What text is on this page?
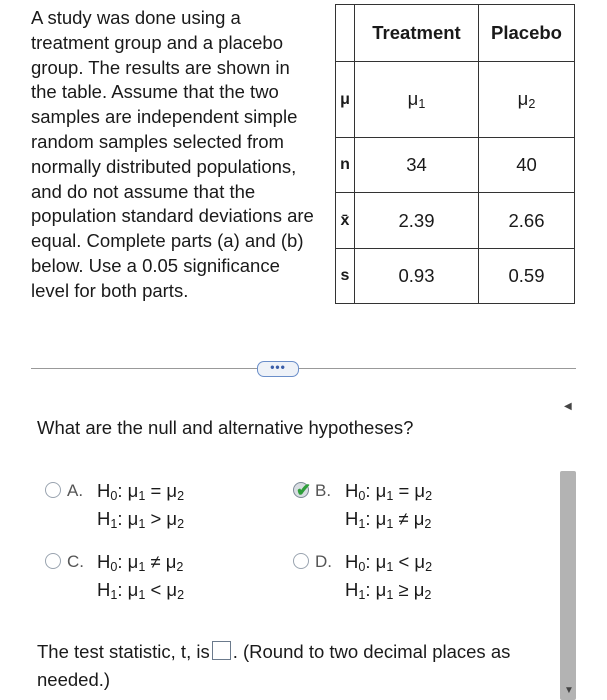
A study was done using a
treatment group and a placebo
group. The results are shown in
the table. Assume that the two
samples are independent simple
random samples selected from
normally distributed populations,
and do not assume that the
population standard deviations are
equal. Complete parts (a) and (b)
below. Use a 0.05 significance
level for both parts.
	Treatment	Placebo
μ	$\mu_1$	$\mu_2$
n	34	40
x̄	2.39	2.66
s	0.93	0.59
•••
What are the null and alternative hypotheses?
A. $H_0$: $\mu_1 = \mu_2$
$H_1$: $\mu_1 > \mu_2$
✔ B. $H_0$: $\mu_1 = \mu_2$
$H_1$: $\mu_1 \ne \mu_2$
C. $H_0$: $\mu_1 \ne \mu_2$
$H_1$: $\mu_1 < \mu_2$
D. $H_0$: $\mu_1 < \mu_2$
$H_1$: $\mu_1 \ge \mu_2$
The test statistic, t, is . (Round to two decimal places as needed.)
◀
▼
